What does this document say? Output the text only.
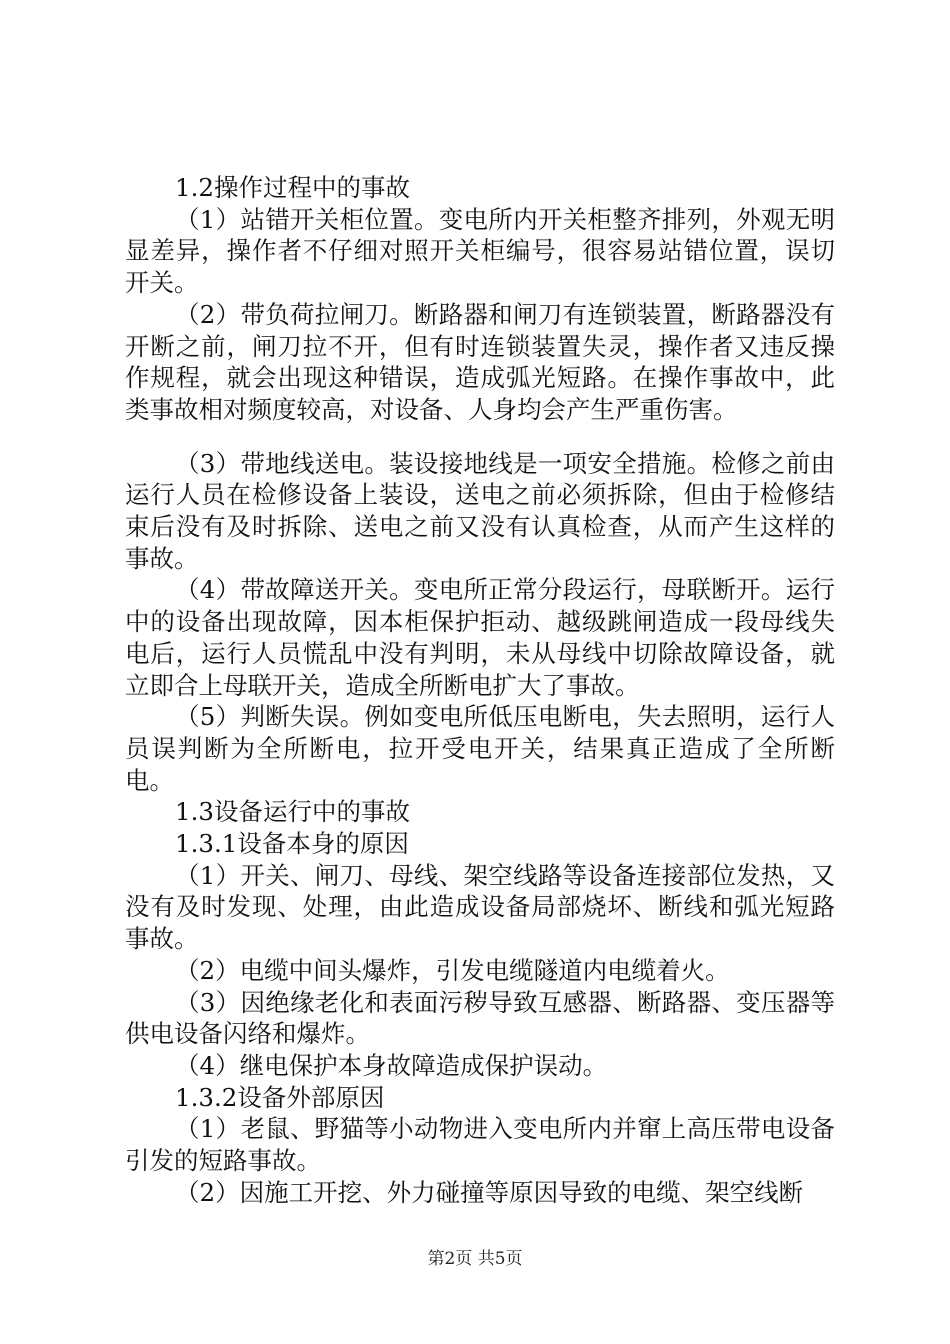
1.2操作过程中的事故

（1）站错开关柜位置。变电所内开关柜整齐排列，外观无明显差异，操作者不仔细对照开关柜编号，很容易站错位置，误切开关。

（2）带负荷拉闸刀。断路器和闸刀有连锁装置，断路器没有开断之前，闸刀拉不开，但有时连锁装置失灵，操作者又违反操作规程，就会出现这种错误，造成弧光短路。在操作事故中，此类事故相对频度较高，对设备、人身均会产生严重伤害。

（3）带地线送电。装设接地线是一项安全措施。检修之前由运行人员在检修设备上装设，送电之前必须拆除，但由于检修结束后没有及时拆除、送电之前又没有认真检查，从而产生这样的事故。

（4）带故障送开关。变电所正常分段运行，母联断开。运行中的设备出现故障，因本柜保护拒动、越级跳闸造成一段母线失电后，运行人员慌乱中没有判明，未从母线中切除故障设备，就立即合上母联开关，造成全所断电扩大了事故。

（5）判断失误。例如变电所低压电断电，失去照明，运行人员误判断为全所断电，拉开受电开关，结果真正造成了全所断电。

1.3设备运行中的事故

1.3.1设备本身的原因

（1）开关、闸刀、母线、架空线路等设备连接部位发热，又没有及时发现、处理，由此造成设备局部烧坏、断线和弧光短路事故。

（2）电缆中间头爆炸，引发电缆隧道内电缆着火。

（3）因绝缘老化和表面污秽导致互感器、断路器、变压器等供电设备闪络和爆炸。

（4）继电保护本身故障造成保护误动。

1.3.2设备外部原因

（1）老鼠、野猫等小动物进入变电所内并窜上高压带电设备引发的短路事故。

（2）因施工开挖、外力碰撞等原因导致的电缆、架空线断

第2页 共5页
